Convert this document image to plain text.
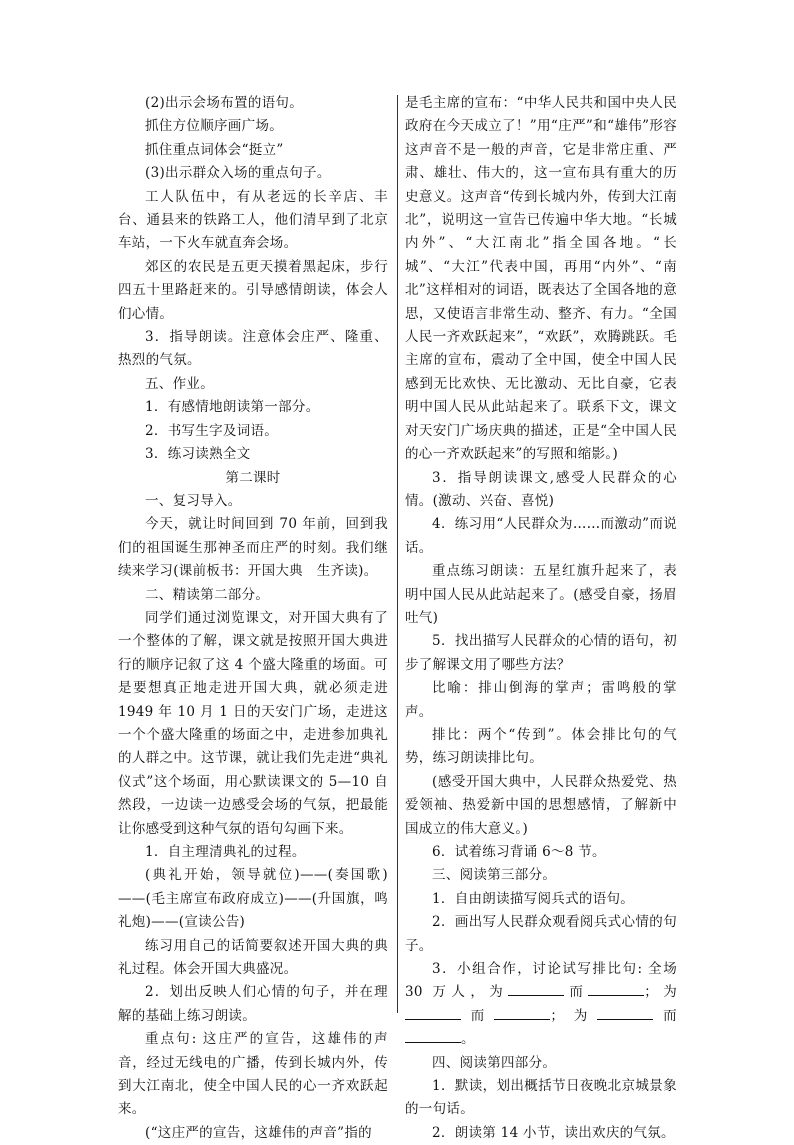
(2)出示会场布置的语句。

抓住方位顺序画广场。

抓住重点词体会“挺立”

(3)出示群众入场的重点句子。

工人队伍中，有从老远的长辛店、丰台、通县来的铁路工人，他们清早到了北京车站，一下火车就直奔会场。

郊区的农民是五更天摸着黑起床，步行四五十里路赶来的。引导感情朗读，体会人们心情。

3．指导朗读。注意体会庄严、隆重、热烈的气氛。

五、作业。

1．有感情地朗读第一部分。

2．书写生字及词语。

3．练习读熟全文

第二课时

一、复习导入。

今天，就让时间回到 70 年前，回到我们的祖国诞生那神圣而庄严的时刻。我们继续来学习(课前板书：开国大典　生齐读)。

二、精读第二部分。

同学们通过浏览课文，对开国大典有了一个整体的了解，课文就是按照开国大典进行的顺序记叙了这 4 个盛大隆重的场面。可是要想真正地走进开国大典，就必须走进 1949 年 10 月 1 日的天安门广场，走进这一个个盛大隆重的场面之中，走进参加典礼的人群之中。这节课，就让我们先走进“典礼仪式”这个场面，用心默读课文的 5—10 自然段，一边读一边感受会场的气氛，把最能让你感受到这种气氛的语句勾画下来。

1．自主理清典礼的过程。

(典礼开始，领导就位)——(奏国歌)——(毛主席宣布政府成立)——(升国旗，鸣礼炮)——(宣读公告)

练习用自己的话简要叙述开国大典的典礼过程。体会开国大典盛况。

2．划出反映人们心情的句子，并在理解的基础上练习朗读。

重点句: 这庄严的宣告，这雄伟的声音，经过无线电的广播，传到长城内外，传到大江南北，使全中国人民的心一齐欢跃起来。

(“这庄严的宣告，这雄伟的声音”指的

是毛主席的宣布：“中华人民共和国中央人民政府在今天成立了！”用“庄严”和“雄伟”形容这声音不是一般的声音，它是非常庄重、严肃、雄壮、伟大的，这一宣布具有重大的历史意义。这声音“传到长城内外，传到大江南北”，说明这一宣告已传遍中华大地。“长城内外”、“大江南北”指全国各地。“长城”、“大江”代表中国，再用“内外”、“南北”这样相对的词语，既表达了全国各地的意思，又使语言非常生动、整齐、有力。“全国人民一齐欢跃起来”，“欢跃”，欢腾跳跃。毛主席的宣布，震动了全中国，使全中国人民感到无比欢快、无比激动、无比自豪，它表明中国人民从此站起来了。联系下文，课文对天安门广场庆典的描述，正是“全中国人民的心一齐欢跃起来”的写照和缩影。)

3．指导朗读课文,感受人民群众的心情。(激动、兴奋、喜悦)

4．练习用“人民群众为……而激动”而说话。

重点练习朗读：五星红旗升起来了，表明中国人民从此站起来了。(感受自豪，扬眉吐气)

5．找出描写人民群众的心情的语句，初步了解课文用了哪些方法？

比喻：排山倒海的掌声；雷鸣般的掌声。

排比：两个“传到”。体会排比句的气势，练习朗读排比句。

(感受开国大典中，人民群众热爱党、热爱领袖、热爱新中国的思想感情，了解新中国成立的伟大意义。)

6．试着练习背诵 6～8 节。

三、阅读第三部分。

1．自由朗读描写阅兵式的语句。

2．画出写人民群众观看阅兵式心情的句子。

3．小组合作，讨论试写排比句: 全场 30 万人，为	而	；为而	；为	而。

四、阅读第四部分。

1．默读，划出概括节日夜晚北京城景象的一句话。

2．朗读第 14 小节，读出欢庆的气氛。
